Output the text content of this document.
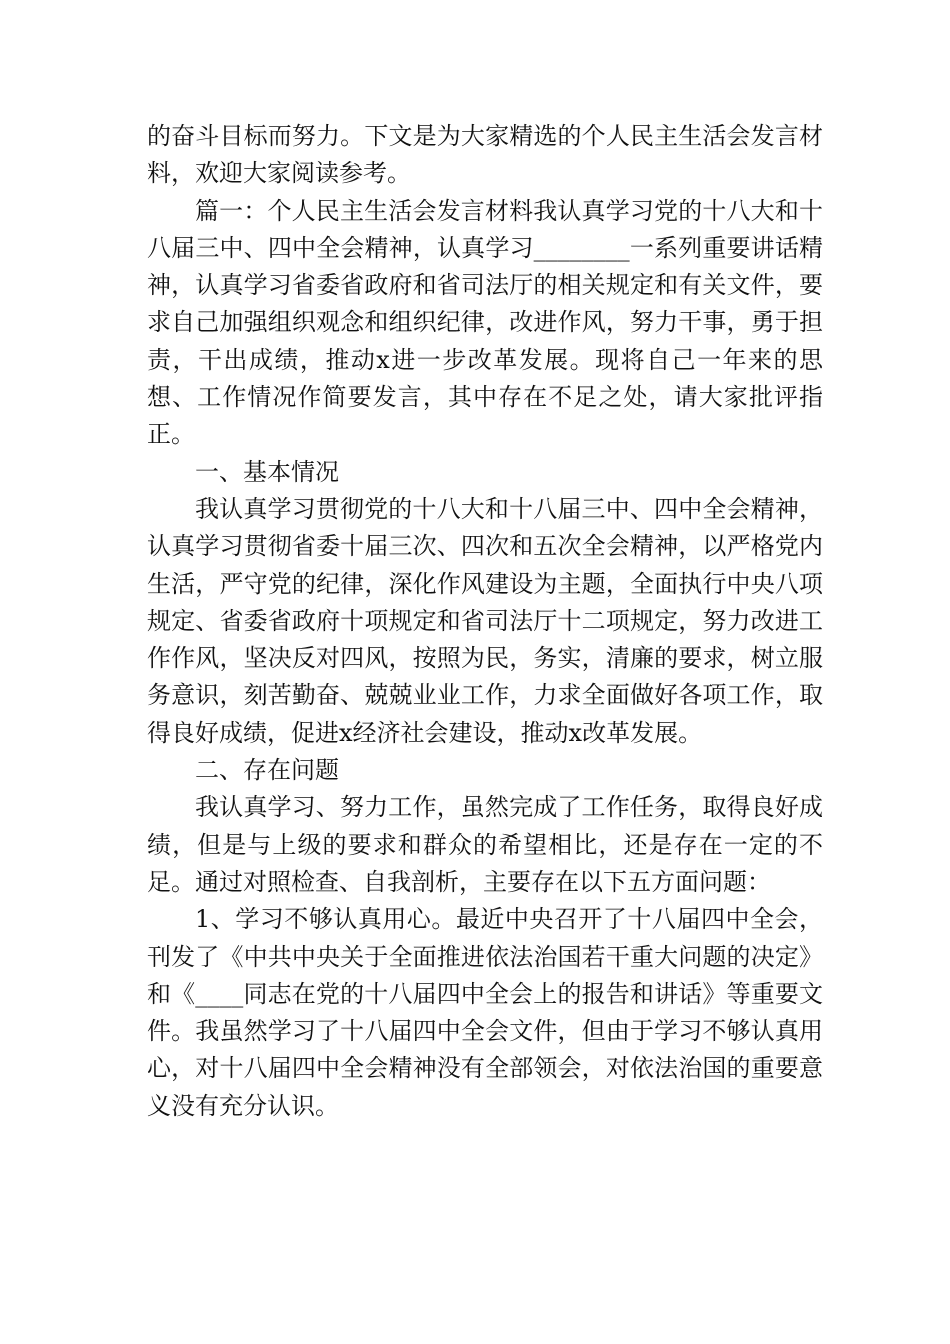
的奋斗目标而努力。下文是为大家精选的个人民主生活会发言材料，欢迎大家阅读参考。

篇一：个人民主生活会发言材料我认真学习党的十八大和十八届三中、四中全会精神，认真学习________一系列重要讲话精神，认真学习省委省政府和省司法厅的相关规定和有关文件，要求自己加强组织观念和组织纪律，改进作风，努力干事，勇于担责，干出成绩，推动x进一步改革发展。现将自己一年来的思想、工作情况作简要发言，其中存在不足之处，请大家批评指正。

一、基本情况

我认真学习贯彻党的十八大和十八届三中、四中全会精神，认真学习贯彻省委十届三次、四次和五次全会精神，以严格党内生活，严守党的纪律，深化作风建设为主题，全面执行中央八项规定、省委省政府十项规定和省司法厅十二项规定，努力改进工作作风，坚决反对四风，按照为民，务实，清廉的要求，树立服务意识，刻苦勤奋、兢兢业业工作，力求全面做好各项工作，取得良好成绩，促进x经济社会建设，推动x改革发展。

二、存在问题

我认真学习、努力工作，虽然完成了工作任务，取得良好成绩，但是与上级的要求和群众的希望相比，还是存在一定的不足。通过对照检查、自我剖析，主要存在以下五方面问题：

1、学习不够认真用心。最近中央召开了十八届四中全会，刊发了《中共中央关于全面推进依法治国若干重大问题的决定》和《____同志在党的十八届四中全会上的报告和讲话》等重要文件。我虽然学习了十八届四中全会文件，但由于学习不够认真用心，对十八届四中全会精神没有全部领会，对依法治国的重要意义没有充分认识。
